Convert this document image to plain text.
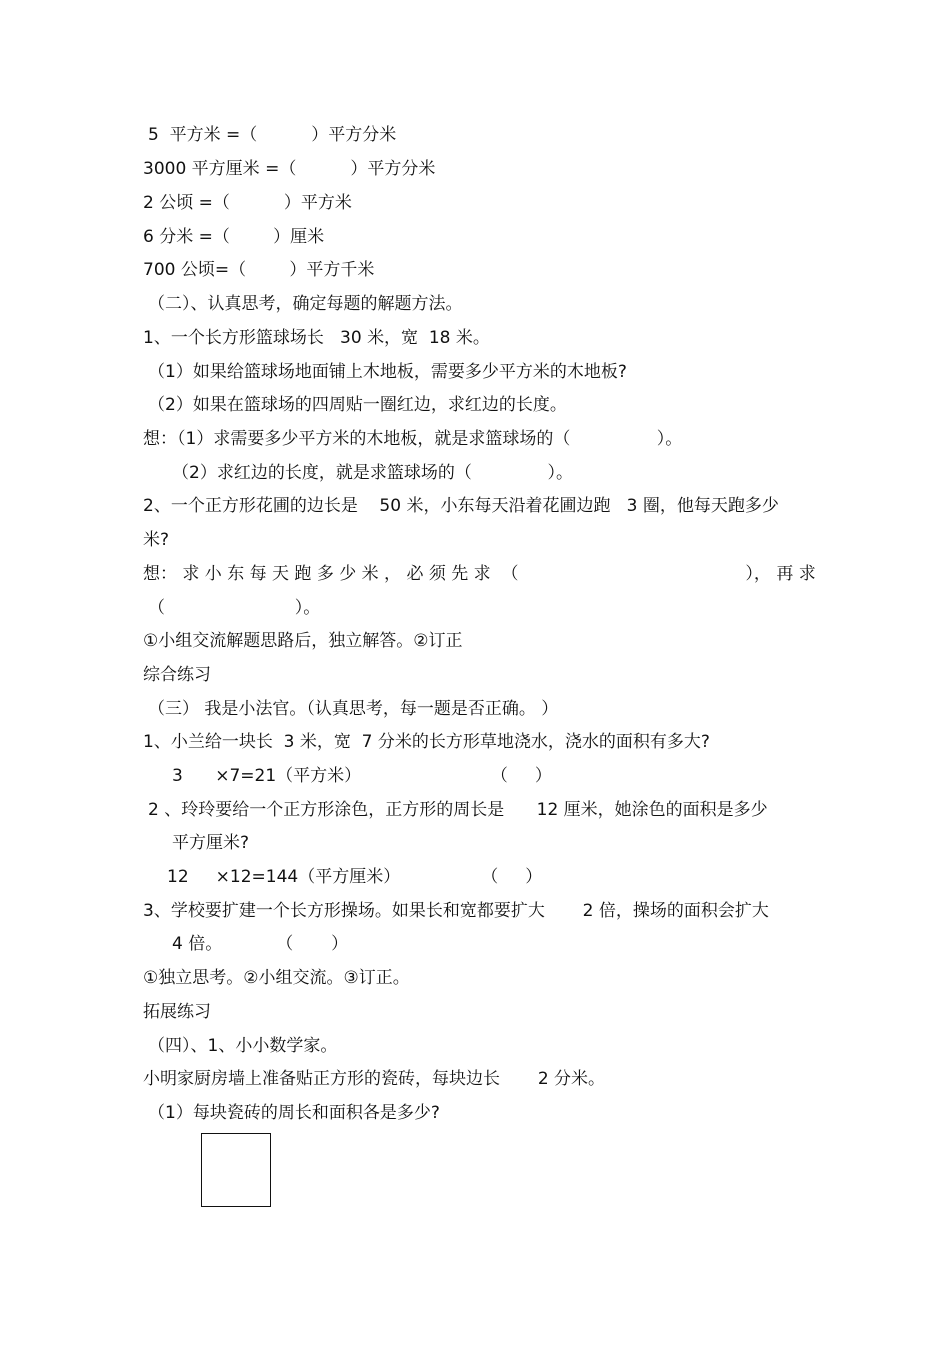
5  平方米 =（          ）平方分米
3000 平方厘米 =（          ）平方分米
2 公顷 =（          ）平方米
6 分米 =（        ）厘米
700 公顷=（        ）平方千米
（二）、认真思考，确定每题的解题方法。
1、一个长方形篮球场长   30 米，宽  18 米。
（1）如果给篮球场地面铺上木地板，需要多少平方米的木地板?
（2）如果在篮球场的四周贴一圈红边，求红边的长度。
想：（1）求需要多少平方米的木地板，就是求篮球场的（                ）。
（2）求红边的长度，就是求篮球场的（              ）。
2、一个正方形花圃的边长是    50 米，小东每天沿着花圃边跑   3 圈，他每天跑多少
米?
想： 求 小 东 每 天 跑 多 少 米 ， 必 须 先 求  （                                          ）， 再 求
（                        ）。
①小组交流解题思路后，独立解答。②订正
综合练习
（三） 我是小法官。（认真思考，每一题是否正确。 ）
1、小兰给一块长  3 米，宽  7 分米的长方形草地浇水，浇水的面积有多大?
3      ×7=21（平方米）                        （     ）
2 、玲玲要给一个正方形涂色，正方形的周长是      12 厘米，她涂色的面积是多少
平方厘米?
12     ×12=144（平方厘米）               （     ）
3、学校要扩建一个长方形操场。如果长和宽都要扩大       2 倍，操场的面积会扩大
4 倍。          （       ）
①独立思考。②小组交流。③订正。
拓展练习
（四）、1、小小数学家。
小明家厨房墙上准备贴正方形的瓷砖，每块边长       2 分米。
（1）每块瓷砖的周长和面积各是多少?
